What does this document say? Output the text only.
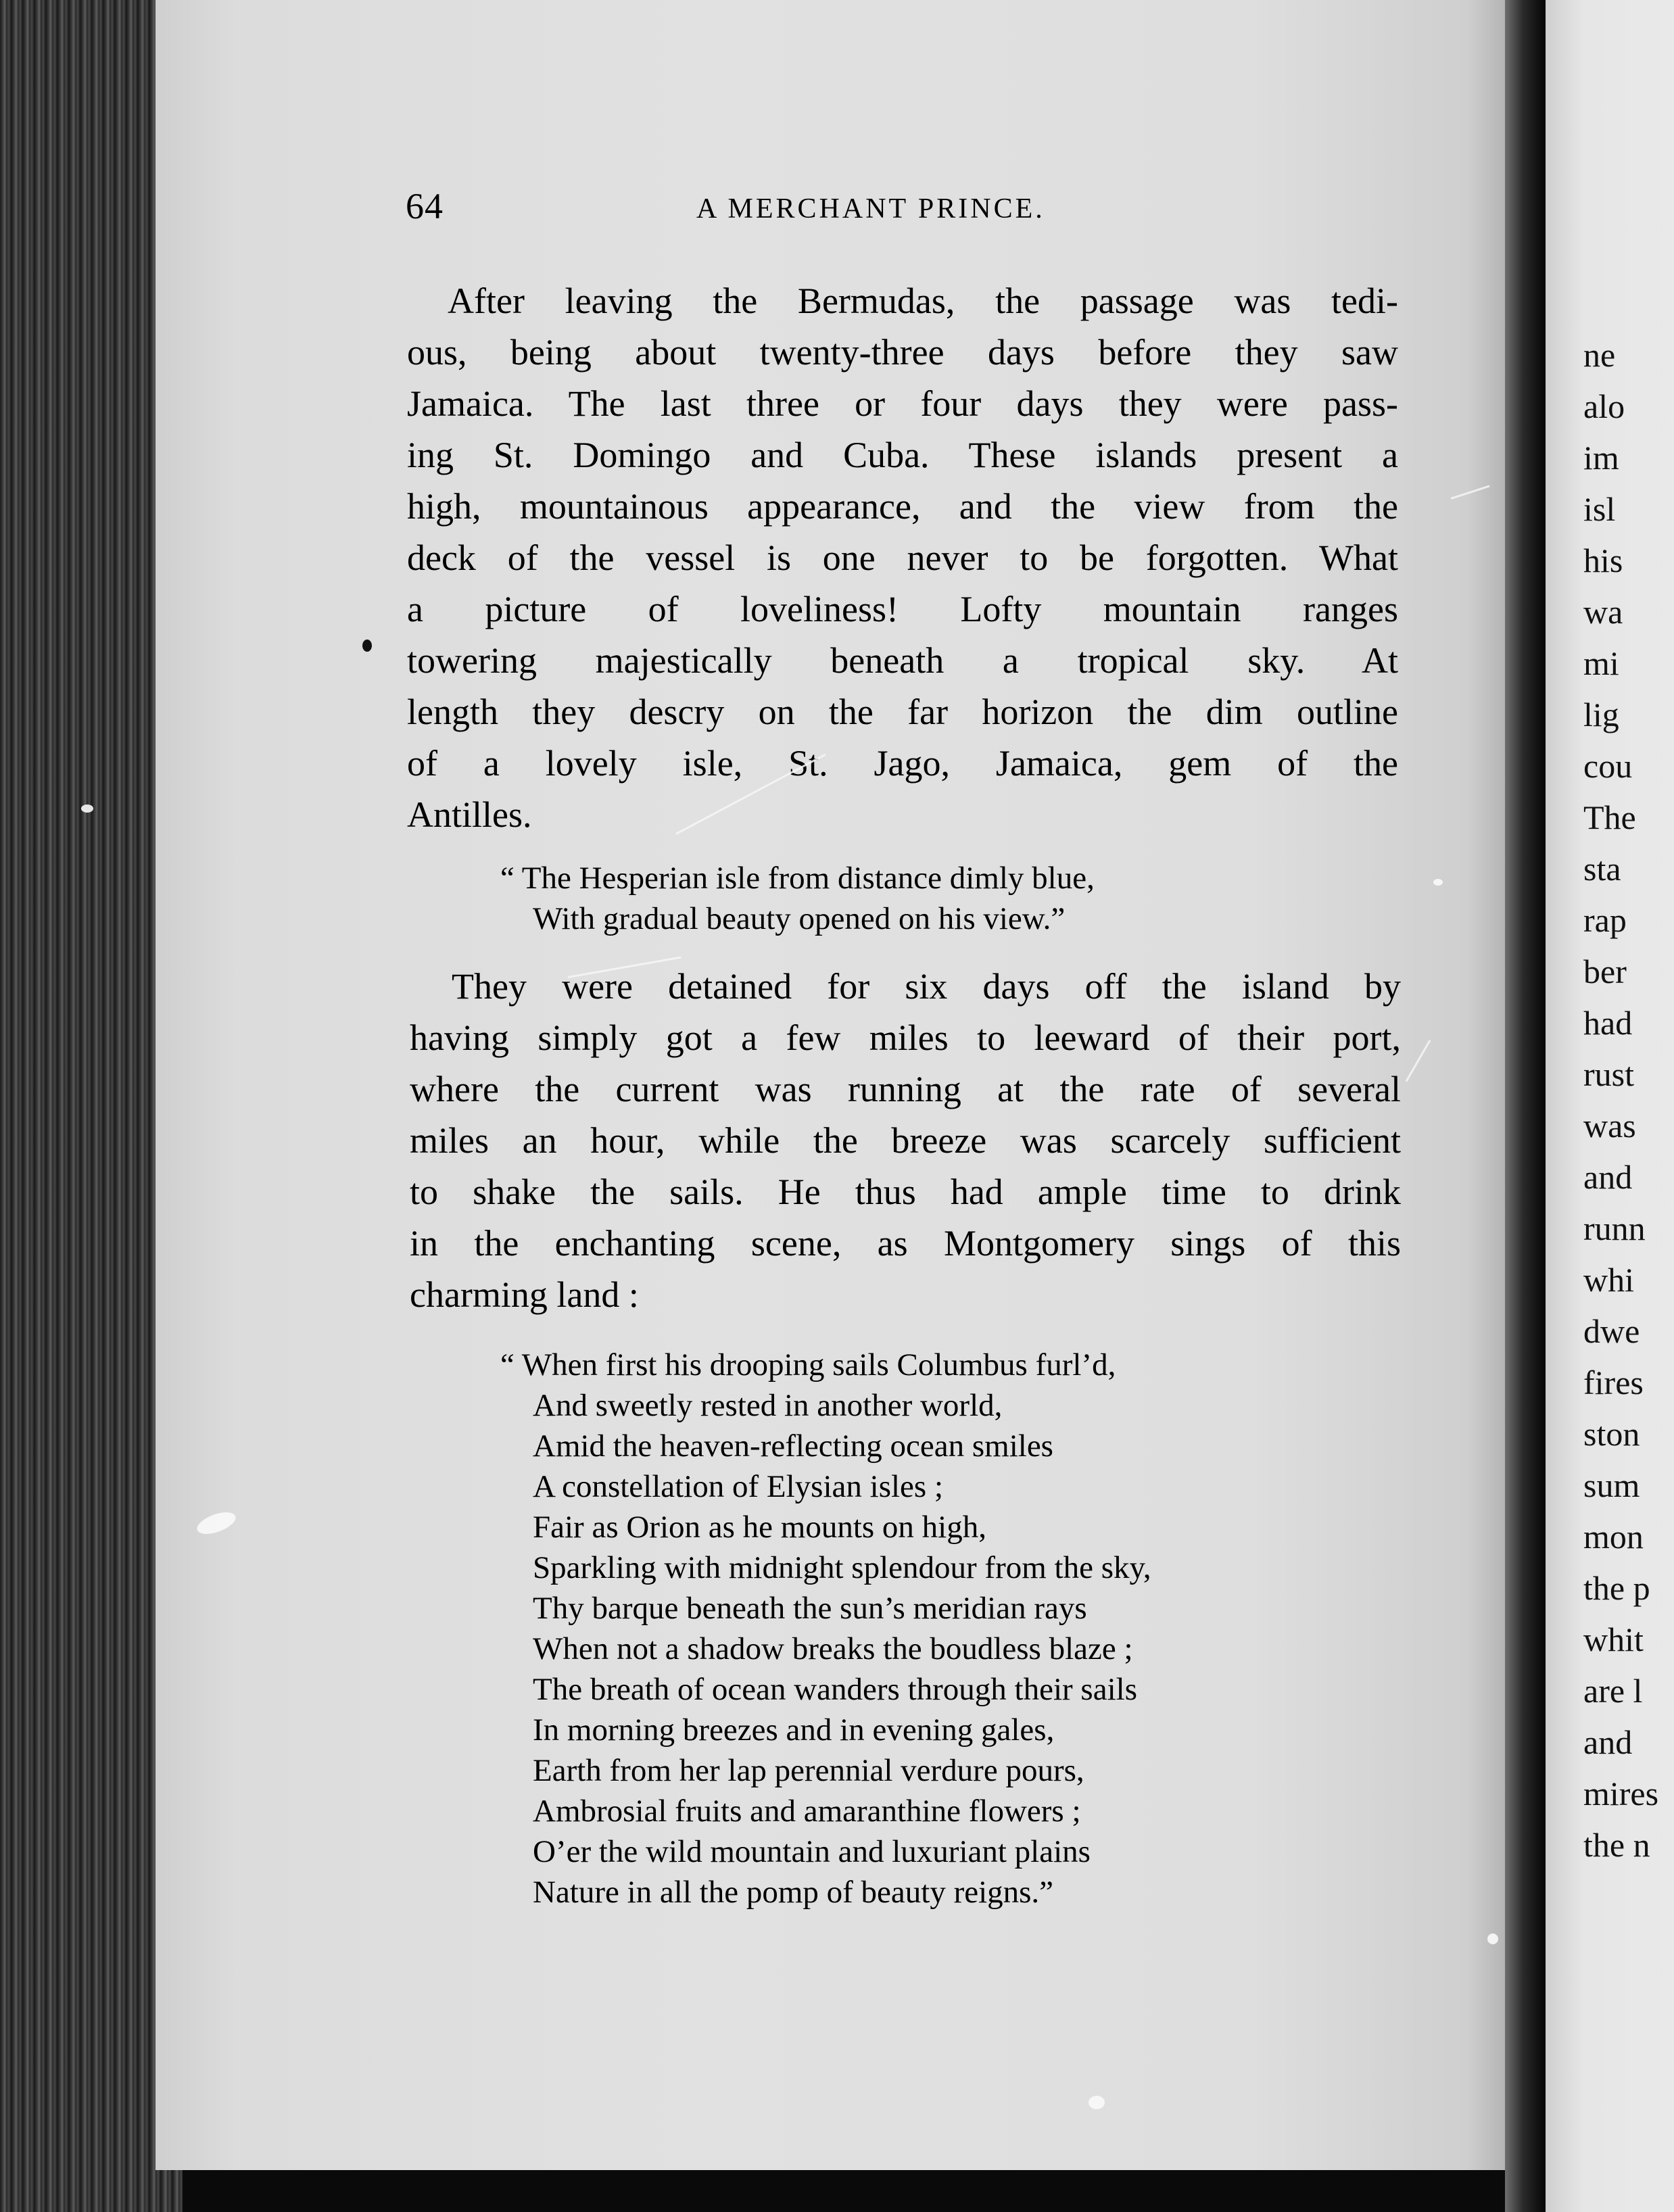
ne
alo
im
isl
his
wa
mi
lig
cou
The
sta
rap
ber
had
rust
was
and
runn
whi
dwe
fires
ston
sum
mon
the p
whit
are l
and
mires
the n
64	A MERCHANT PRINCE.
After leaving the Bermudas, the passage was tedi-
ous, being about twenty-three days before they saw
Jamaica. The last three or four days they were pass-
ing St. Domingo and Cuba. These islands present a
high, mountainous appearance, and the view from the
deck of the vessel is one never to be forgotten. What
a picture of loveliness! Lofty mountain ranges
towering majestically beneath a tropical sky. At
length they descry on the far horizon the dim outline
of a lovely isle, St. Jago, Jamaica, gem of the
Antilles.
“ The Hesperian isle from distance dimly blue,
With gradual beauty opened on his view.”
They were detained for six days off the island by
having simply got a few miles to leeward of their port,
where the current was running at the rate of several
miles an hour, while the breeze was scarcely sufficient
to shake the sails. He thus had ample time to drink
in the enchanting scene, as Montgomery sings of this
charming land :
“ When first his drooping sails Columbus furl’d,
And sweetly rested in another world,
Amid the heaven-reflecting ocean smiles
A constellation of Elysian isles ;
Fair as Orion as he mounts on high,
Sparkling with midnight splendour from the sky,
Thy barque beneath the sun’s meridian rays
When not a shadow breaks the boudless blaze ;
The breath of ocean wanders through their sails
In morning breezes and in evening gales,
Earth from her lap perennial verdure pours,
Ambrosial fruits and amaranthine flowers ;
O’er the wild mountain and luxuriant plains
Nature in all the pomp of beauty reigns.”
